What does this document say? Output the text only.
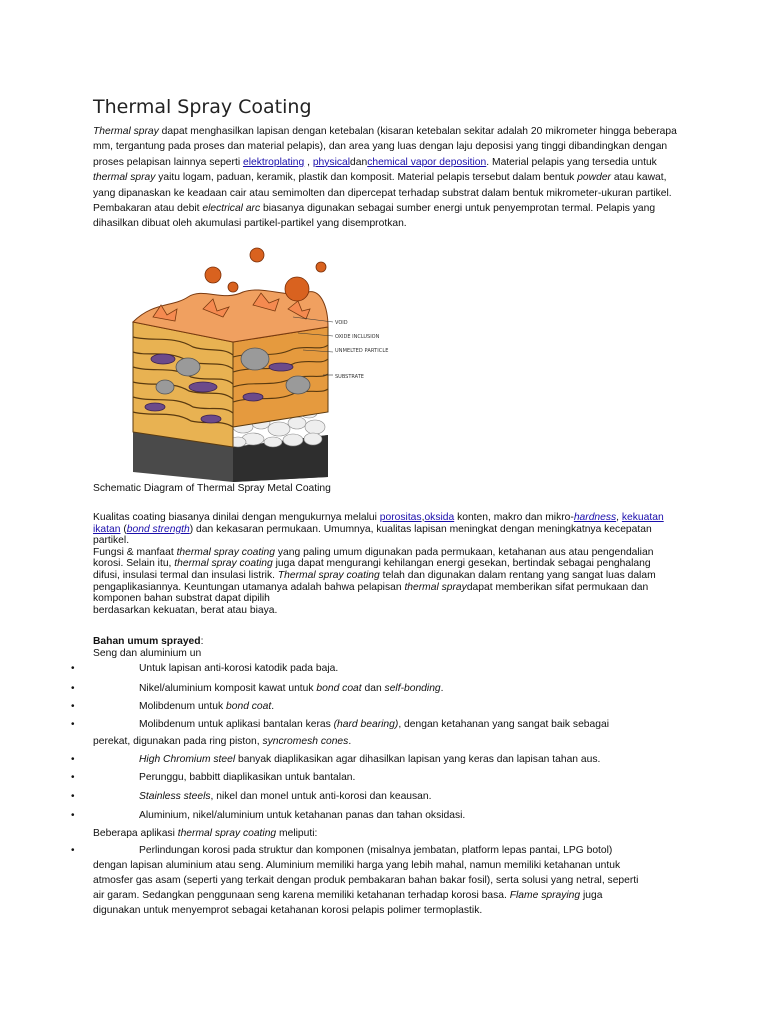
Thermal Spray Coating
Thermal spray dapat menghasilkan lapisan dengan ketebalan (kisaran ketebalan sekitar adalah 20 mikrometer hingga beberapa mm, tergantung pada proses dan material pelapis), dan area yang luas dengan laju deposisi yang tinggi dibandingkan dengan proses pelapisan lainnya seperti elektroplating , physicaldanchemical vapor deposition. Material pelapis yang tersedia untuk thermal spray yaitu logam, paduan, keramik, plastik dan komposit. Material pelapis tersebut dalam bentuk powder atau kawat, yang dipanaskan ke keadaan cair atau semimolten dan dipercepat terhadap substrat dalam bentuk mikrometer-ukuran partikel. Pembakaran atau debit electrical arc biasanya digunakan sebagai sumber energi untuk penyemprotan termal. Pelapis yang dihasilkan dibuat oleh akumulasi partikel-partikel yang disemprotkan.
VOID
OXIDE INCLUSION
UNMELTED PARTICLE
SUBSTRATE
Schematic Diagram of Thermal Spray Metal Coating
Kualitas coating biasanya dinilai dengan mengukurnya melalui porositas,oksida konten, makro dan mikro-hardness, kekuatan ikatan (bond strength) dan kekasaran permukaan. Umumnya, kualitas lapisan meningkat dengan meningkatnya kecepatan partikel.
Fungsi & manfaat thermal spray coating yang paling umum digunakan pada permukaan, ketahanan aus atau pengendalian korosi. Selain itu, thermal spray coating juga dapat mengurangi kehilangan energi gesekan, bertindak sebagai penghalang difusi, insulasi termal dan insulasi listrik. Thermal spray coating telah dan digunakan dalam rentang yang sangat luas dalam pengaplikasiannya. Keuntungan utamanya adalah bahwa pelapisan thermal spraydapat memberikan sifat permukaan dan komponen bahan substrat dapat dipilih
berdasarkan kekuatan, berat atau biaya.
Bahan umum sprayed:
Seng dan aluminium un
•	Untuk lapisan anti-korosi katodik pada baja.
•	Nikel/aluminium komposit kawat untuk bond coat dan self-bonding.
•	Molibdenum untuk bond coat.
•	Molibdenum untuk aplikasi bantalan keras (hard bearing), dengan ketahanan yang sangat baik sebagai
perekat, digunakan pada ring piston, syncromesh cones.
•	High Chromium steel banyak diaplikasikan agar dihasilkan lapisan yang keras dan lapisan tahan aus.
•	Perunggu, babbitt diaplikasikan untuk bantalan.
•	Stainless steels, nikel dan monel untuk anti-korosi dan keausan.
•	Aluminium, nikel/aluminium untuk ketahanan panas dan tahan oksidasi.
Beberapa aplikasi thermal spray coating meliputi:
•	Perlindungan korosi pada struktur dan komponen (misalnya jembatan, platform lepas pantai, LPG botol)
dengan lapisan aluminium atau seng. Aluminium memiliki harga yang lebih mahal, namun memiliki ketahanan untuk
atmosfer gas asam (seperti yang terkait dengan produk pembakaran bahan bakar fosil), serta solusi yang netral, seperti
air garam. Sedangkan penggunaan seng karena memiliki ketahanan terhadap korosi basa. Flame spraying juga
digunakan untuk menyemprot sebagai ketahanan korosi pelapis polimer termoplastik.
